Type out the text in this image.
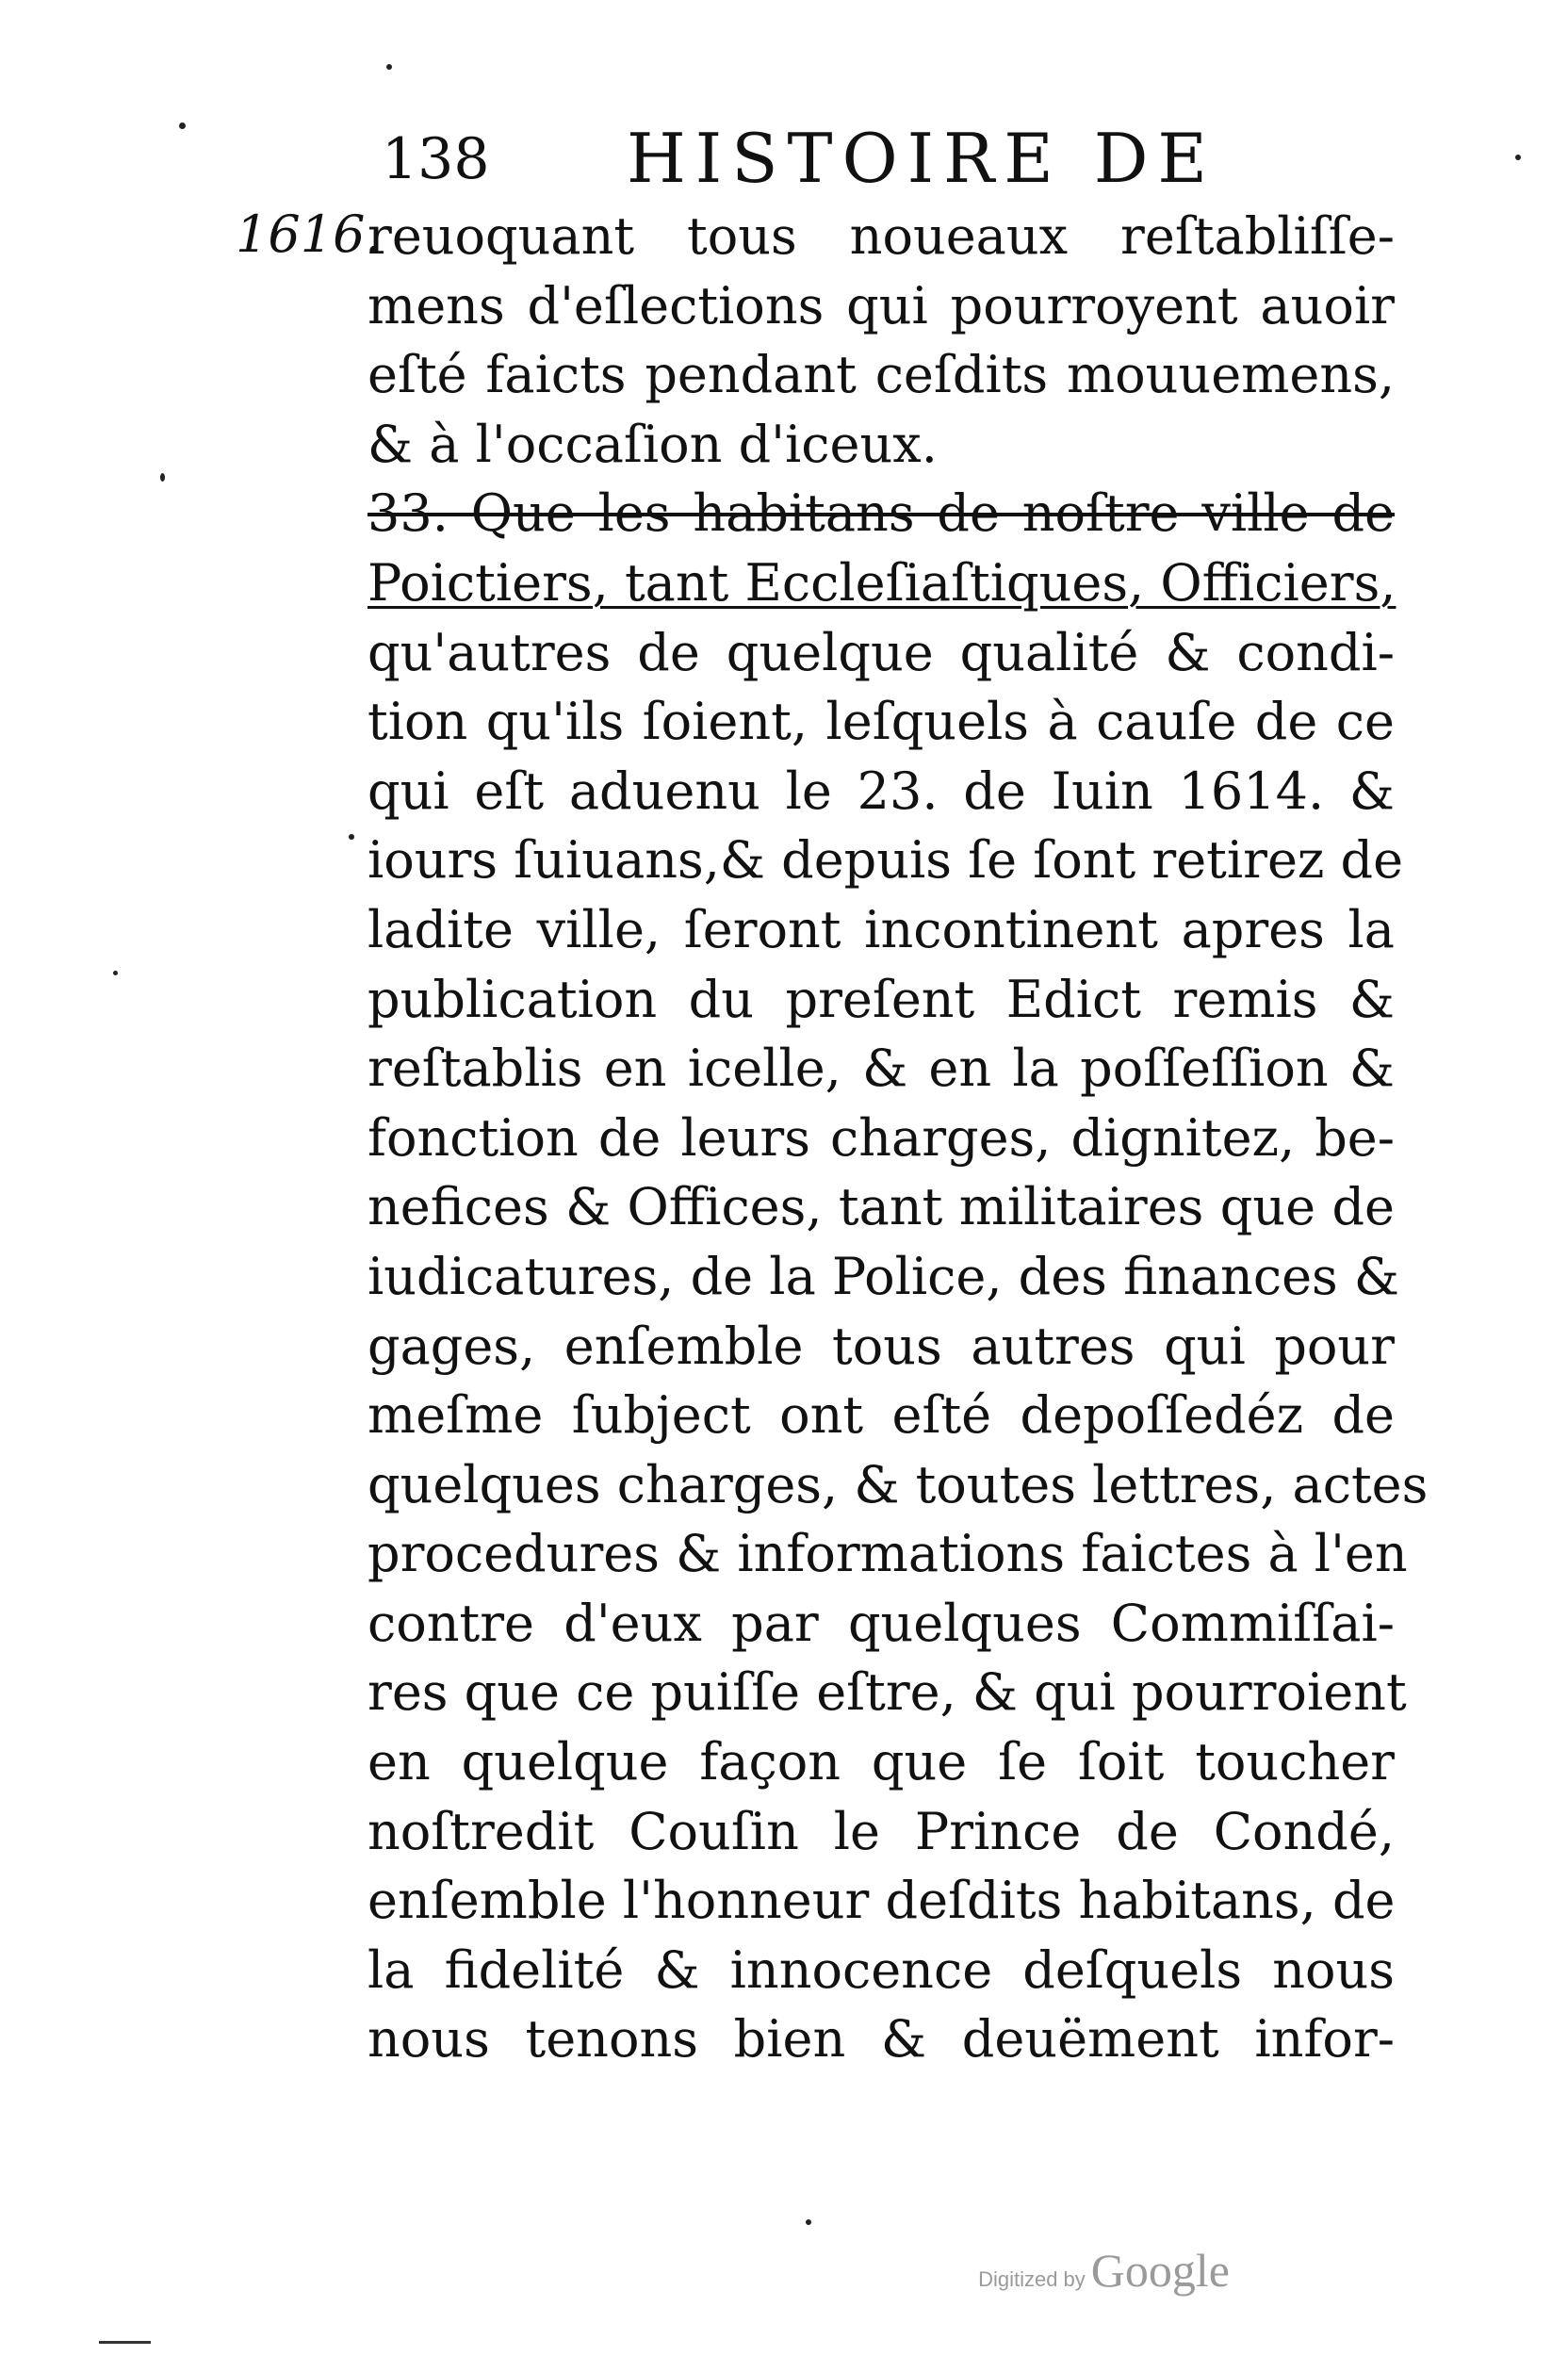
138 HISTOIRE DE
1616.
reuoquant tous noueaux reſtabliſſe-
mens d'eſlections qui pourroyent auoir
eſté faicts pendant ceſdits mouuemens,
& à l'occaſion d'iceux.
33. Que les habitans de noſtre ville de
Poictiers, tant Eccleſiaſtiques, Officiers,
qu'autres de quelque qualité & condi-
tion qu'ils ſoient, leſquels à cauſe de ce
qui eſt aduenu le 23. de Iuin 1614. &
iours ſuiuans,& depuis ſe ſont retirez de
ladite ville, ſeront incontinent apres la
publication du preſent Edict remis &
reſtablis en icelle, & en la poſſeſſion &
fonction de leurs charges, dignitez, be-
nefices & Offices, tant militaires que de
iudicatures, de la Police, des finances &
gages, enſemble tous autres qui pour
meſme ſubject ont eſté depoſſedéz de
quelques charges, & toutes lettres, actes
procedures & informations faictes à l'en
contre d'eux par quelques Commiſſai-
res que ce puiſſe eſtre, & qui pourroient
en quelque façon que ſe ſoit toucher
noſtredit Couſin le Prince de Condé,
enſemble l'honneur deſdits habitans, de
la fidelité & innocence deſquels nous
nous tenons bien & deuëment infor-
Digitized by Google
